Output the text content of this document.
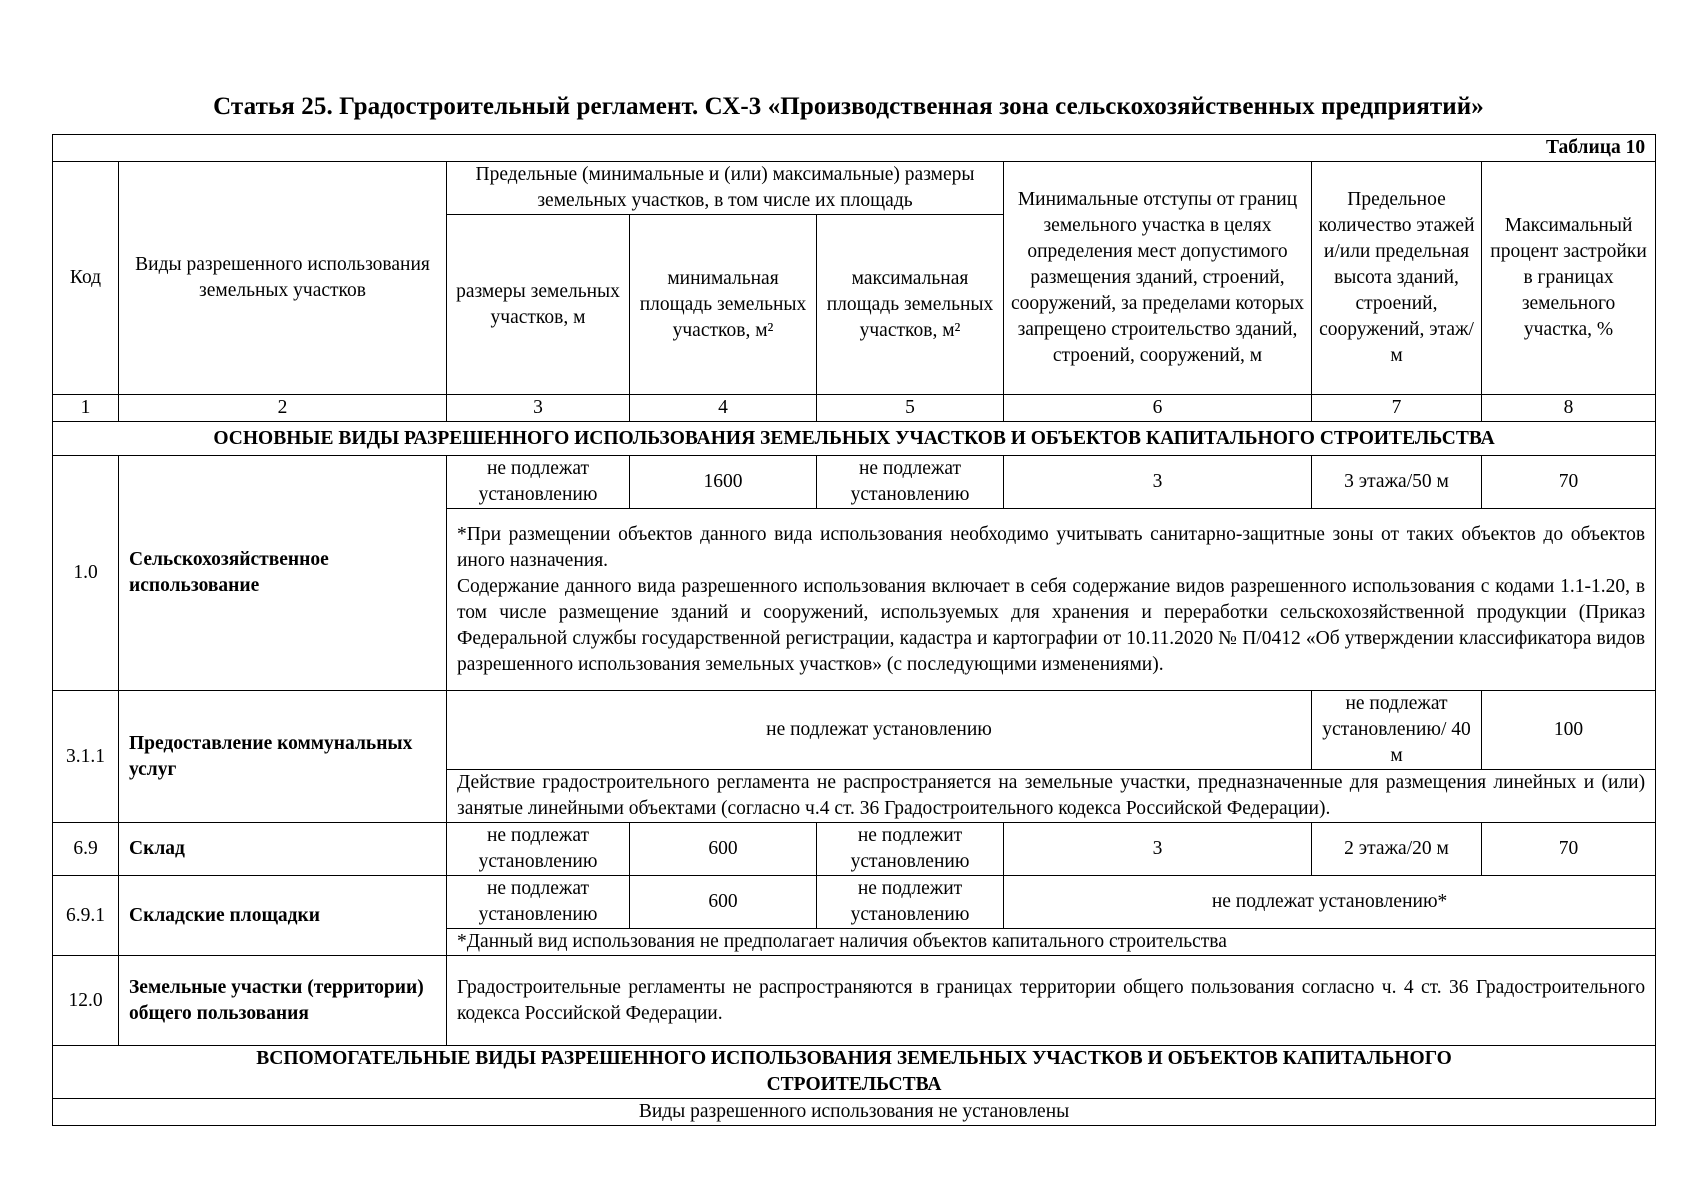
Статья 25. Градостроительный регламент. СХ-3 «Производственная зона сельскохозяйственных предприятий»
Таблица 10							
Код	Виды разрешенного использования земельных участков	Предельные (минимальные и (или) максимальные) размеры земельных участков, в том числе их площадь			Минимальные отступы от границ земельного участка в целях определения мест допустимого размещения зданий, строений, сооружений, за пределами которых запрещено строительство зданий, строений, сооружений, м	Предельное количество этажей и/или предельная высота зданий, строений, сооружений, этаж/м	Максимальный процент застройки в границах земельного участка, %
		размеры земельных участков, м	минимальная площадь земельных участков, м²	максимальная площадь земельных участков, м²			
1	2	3	4	5	6	7	8
ОСНОВНЫЕ ВИДЫ РАЗРЕШЕННОГО ИСПОЛЬЗОВАНИЯ ЗЕМЕЛЬНЫХ УЧАСТКОВ И ОБЪЕКТОВ КАПИТАЛЬНОГО СТРОИТЕЛЬСТВА							
1.0	Сельскохозяйственное использование	не подлежат установлению	1600	не подлежат установлению	3	3 этажа/50 м	70

		*При размещении объектов данного вида использования необходимо учитывать санитарно-защитные зоны от таких объектов до объектов иного назначения.
Содержание данного вида разрешенного использования включает в себя содержание видов разрешенного использования с кодами 1.1-1.20, в том числе размещение зданий и сооружений, используемых для хранения и переработки сельскохозяйственной продукции (Приказ Федеральной службы государственной регистрации, кадастра и картографии от 10.11.2020 № П/0412 «Об утверждении классификатора видов разрешенного использования земельных участков» (с последующими изменениями).					

3.1.1	Предоставление коммунальных услуг	не подлежат установлению				не подлежат установлению/ 40 м	100
		Действие градостроительного регламента не распространяется на земельные участки, предназначенные для размещения линейных и (или) занятые линейными объектами (согласно ч.4 ст. 36 Градостроительного кодекса Российской Федерации).					
6.9	Склад	не подлежат установлению	600	не подлежит установлению	3	2 этажа/20 м	70
6.9.1	Складские площадки	не подлежат установлению	600	не подлежит установлению	не подлежат установлению*		
		*Данный вид использования не предполагает наличия объектов капитального строительства					
12.0	Земельные участки (территории) общего пользования	Градостроительные регламенты не распространяются в границах территории общего пользования согласно ч. 4 ст. 36 Градостроительного кодекса Российской Федерации.					
ВСПОМОГАТЕЛЬНЫЕ ВИДЫ РАЗРЕШЕННОГО ИСПОЛЬЗОВАНИЯ ЗЕМЕЛЬНЫХ УЧАСТКОВ И ОБЪЕКТОВ КАПИТАЛЬНОГО СТРОИТЕЛЬСТВА							
Виды разрешенного использования не установлены							
